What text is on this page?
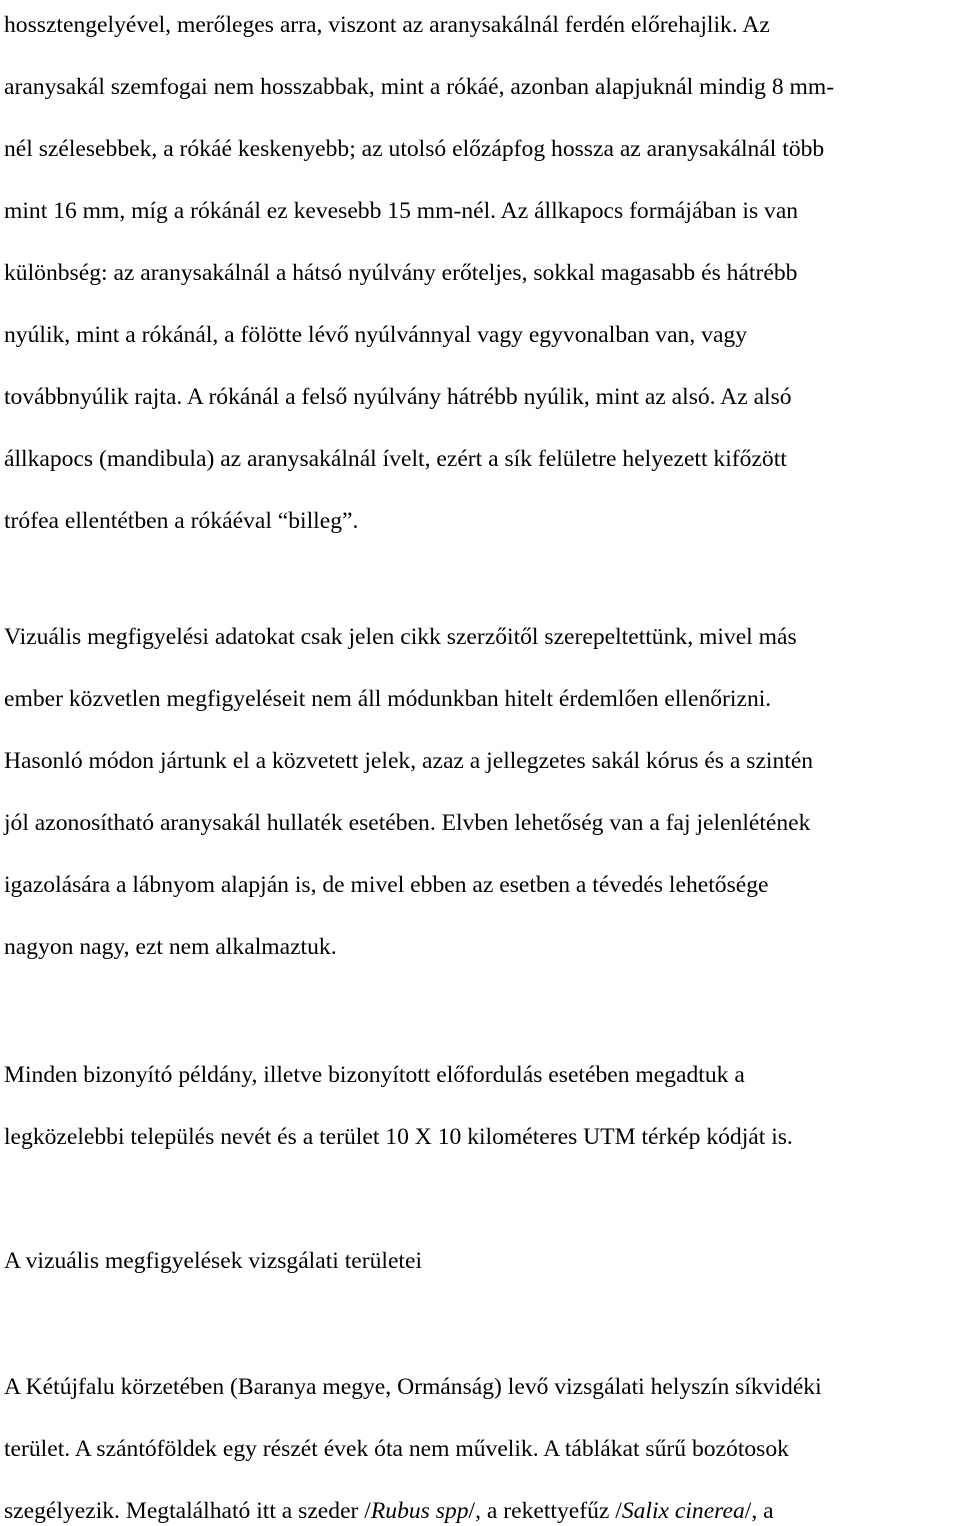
hossztengelyével, merőleges arra, viszont az aranysakálnál ferdén előrehajlik. Az
aranysakál szemfogai nem hosszabbak, mint a rókáé, azonban alapjuknál mindig 8 mm-
nél szélesebbek, a rókáé keskenyebb; az utolsó előzápfog hossza az aranysakálnál több
mint 16 mm, míg a rókánál ez kevesebb 15 mm-nél. Az állkapocs formájában is van
különbség: az aranysakálnál a hátsó nyúlvány erőteljes, sokkal magasabb és hátrébb
nyúlik, mint a rókánál, a fölötte lévő nyúlvánnyal vagy egyvonalban van, vagy
továbbnyúlik rajta. A rókánál a felső nyúlvány hátrébb nyúlik, mint az alsó. Az alsó
állkapocs (mandibula) az aranysakálnál ívelt, ezért a sík felületre helyezett kifőzött
trófea ellentétben a rókáéval “billeg”.
Vizuális megfigyelési adatokat csak jelen cikk szerzőitől szerepeltettünk, mivel más
ember közvetlen megfigyeléseit nem áll módunkban hitelt érdemlően ellenőrizni.
Hasonló módon jártunk el a közvetett jelek, azaz a jellegzetes sakál kórus és a szintén
jól azonosítható aranysakál hullaték esetében. Elvben lehetőség van a faj jelenlétének
igazolására a lábnyom alapján is, de mivel ebben az esetben a tévedés lehetősége
nagyon nagy, ezt nem alkalmaztuk.
Minden bizonyító példány, illetve bizonyított előfordulás esetében megadtuk a
legközelebbi település nevét és a terület 10 X 10 kilométeres UTM térkép kódját is.
A vizuális megfigyelések vizsgálati területei
A Kétújfalu körzetében (Baranya megye, Ormánság) levő vizsgálati helyszín síkvidéki
terület. A szántóföldek egy részét évek óta nem művelik. A táblákat sűrű bozótosok
szegélyezik. Megtalálható itt a szeder /Rubus spp/, a rekettyefűz /Salix cinerea/, a
